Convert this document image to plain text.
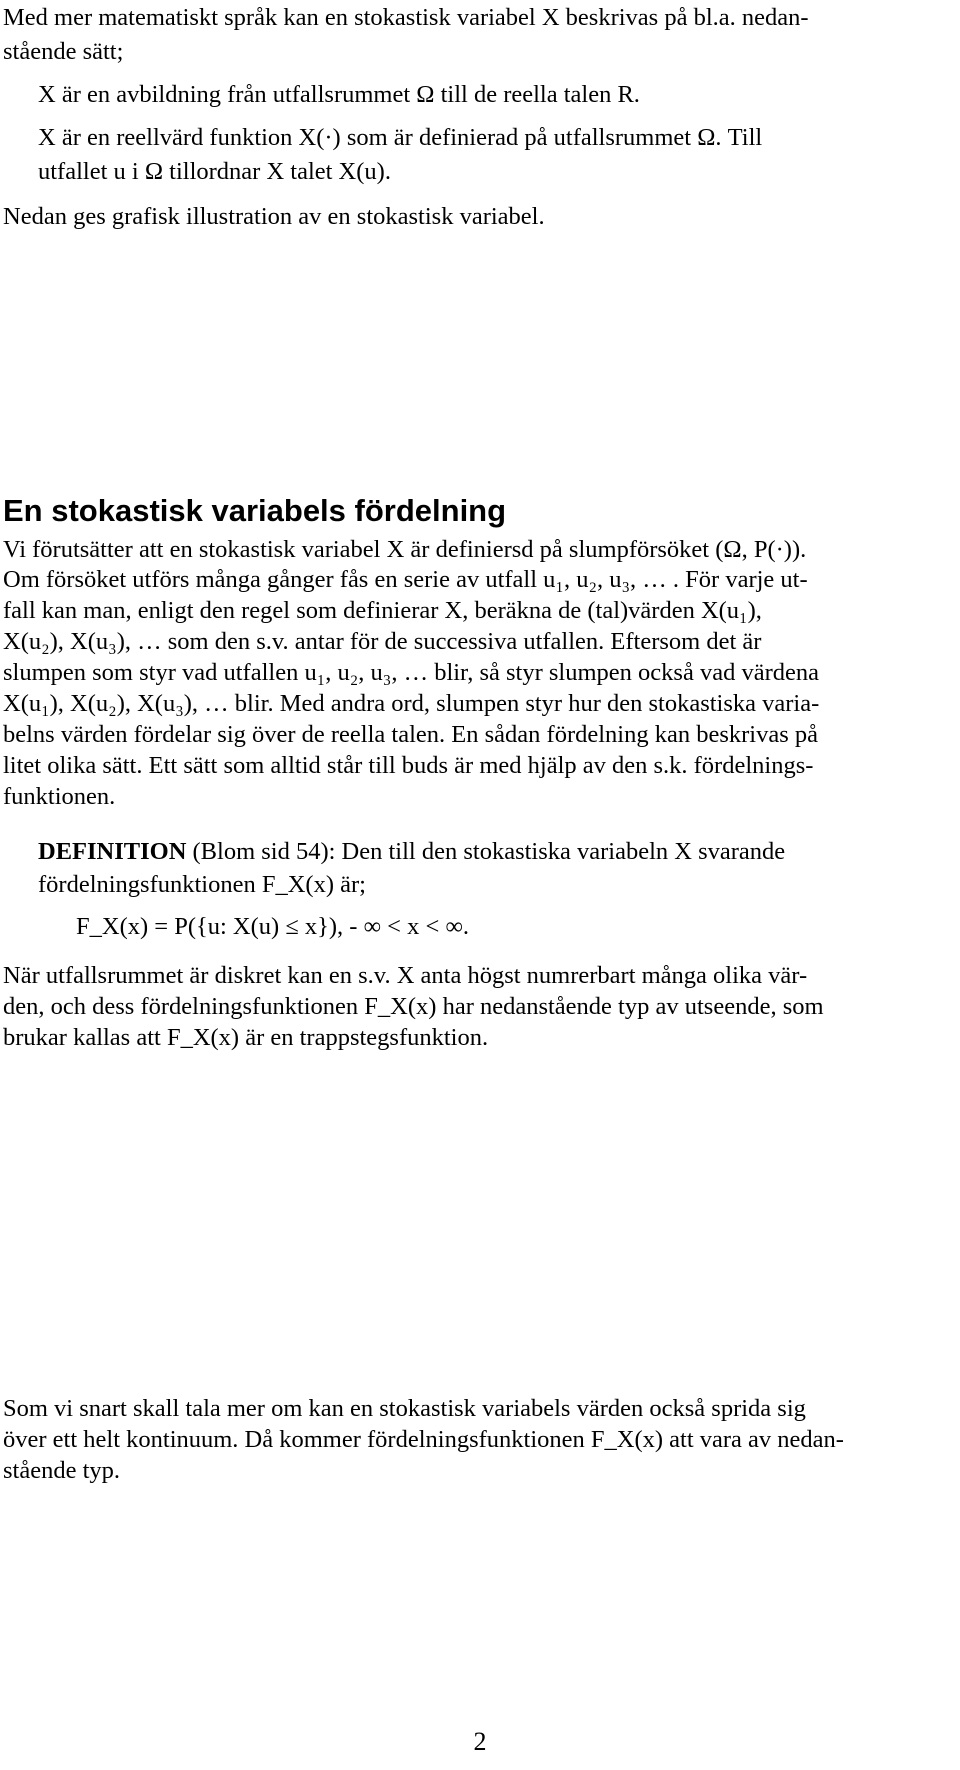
Med mer matematiskt språk kan en stokastisk variabel X beskrivas på bl.a. nedan-

stående sätt;

X är en avbildning från utfallsrummet Ω till de reella talen R.

X är en reellvärd funktion X(·) som är definierad på utfallsrummet Ω. Till

utfallet u i Ω tillordnar X talet X(u).

Nedan ges grafisk illustration av en stokastisk variabel.

En stokastisk variabels fördelning

Vi förutsätter att en stokastisk variabel X är definiersd på slumpförsöket (Ω, P(·)).

Om försöket utförs många gånger fås en serie av utfall u₁, u₂, u₃, … . För varje ut-

fall kan man, enligt den regel som definierar X, beräkna de (tal)värden X(u₁),

X(u₂), X(u₃), … som den s.v. antar för de successiva utfallen. Eftersom det är

slumpen som styr vad utfallen u₁, u₂, u₃, … blir, så styr slumpen också vad värdena

X(u₁), X(u₂), X(u₃), … blir. Med andra ord, slumpen styr hur den stokastiska varia-

belns värden fördelar sig över de reella talen. En sådan fördelning kan beskrivas på

litet olika sätt. Ett sätt som alltid står till buds är med hjälp av den s.k. fördelnings-

funktionen.

DEFINITION (Blom sid 54): Den till den stokastiska variabeln X svarande

fördelningsfunktionen F_X(x) är;

F_X(x) = P({u: X(u) ≤ x}), - ∞ < x < ∞.

När utfallsrummet är diskret kan en s.v. X anta högst numrerbart många olika vär-

den, och dess fördelningsfunktionen F_X(x) har nedanstående typ av utseende, som

brukar kallas att F_X(x) är en trappstegsfunktion.

Som vi snart skall tala mer om kan en stokastisk variabels värden också sprida sig

över ett helt kontinuum. Då kommer fördelningsfunktionen F_X(x) att vara av nedan-

stående typ.

2
